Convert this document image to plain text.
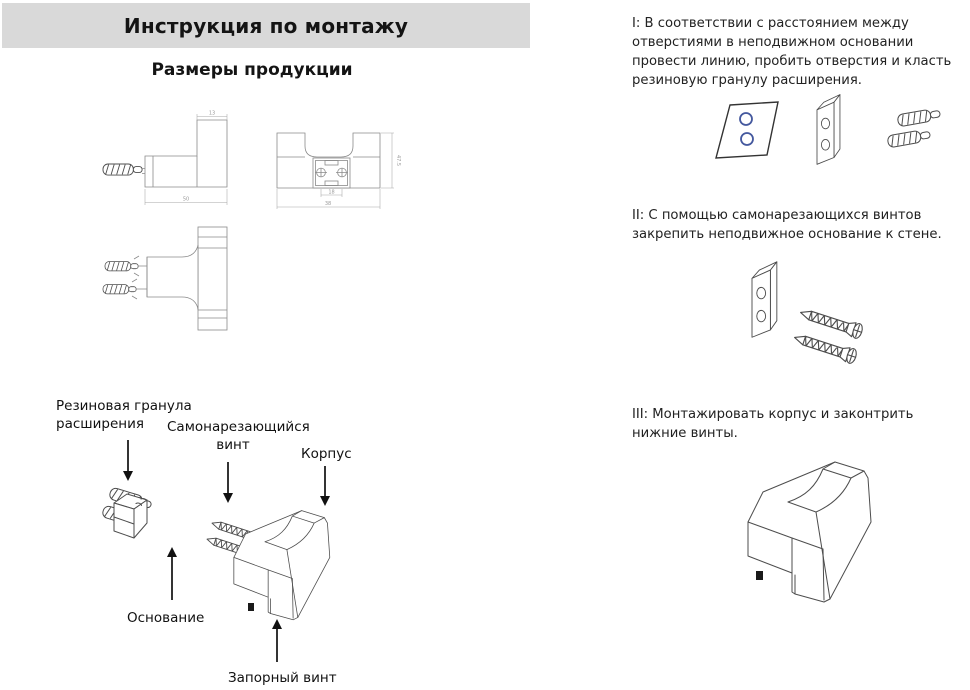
Инструкция по монтажу
Размеры продукции
13
50
47.5
18
38
Резиновая гранула расширения	Самонарезающийся винт
Корпус
Основание
Запорный винт
I: В соответствии с расстоянием между отверстиями в неподвижном основании провести линию, пробить отверстия и класть резиновую гранулу расширения.
II: С помощью самонарезающихся винтов закрепить неподвижное основание к стене.
III: Монтажировать корпус и законтрить нижние винты.
